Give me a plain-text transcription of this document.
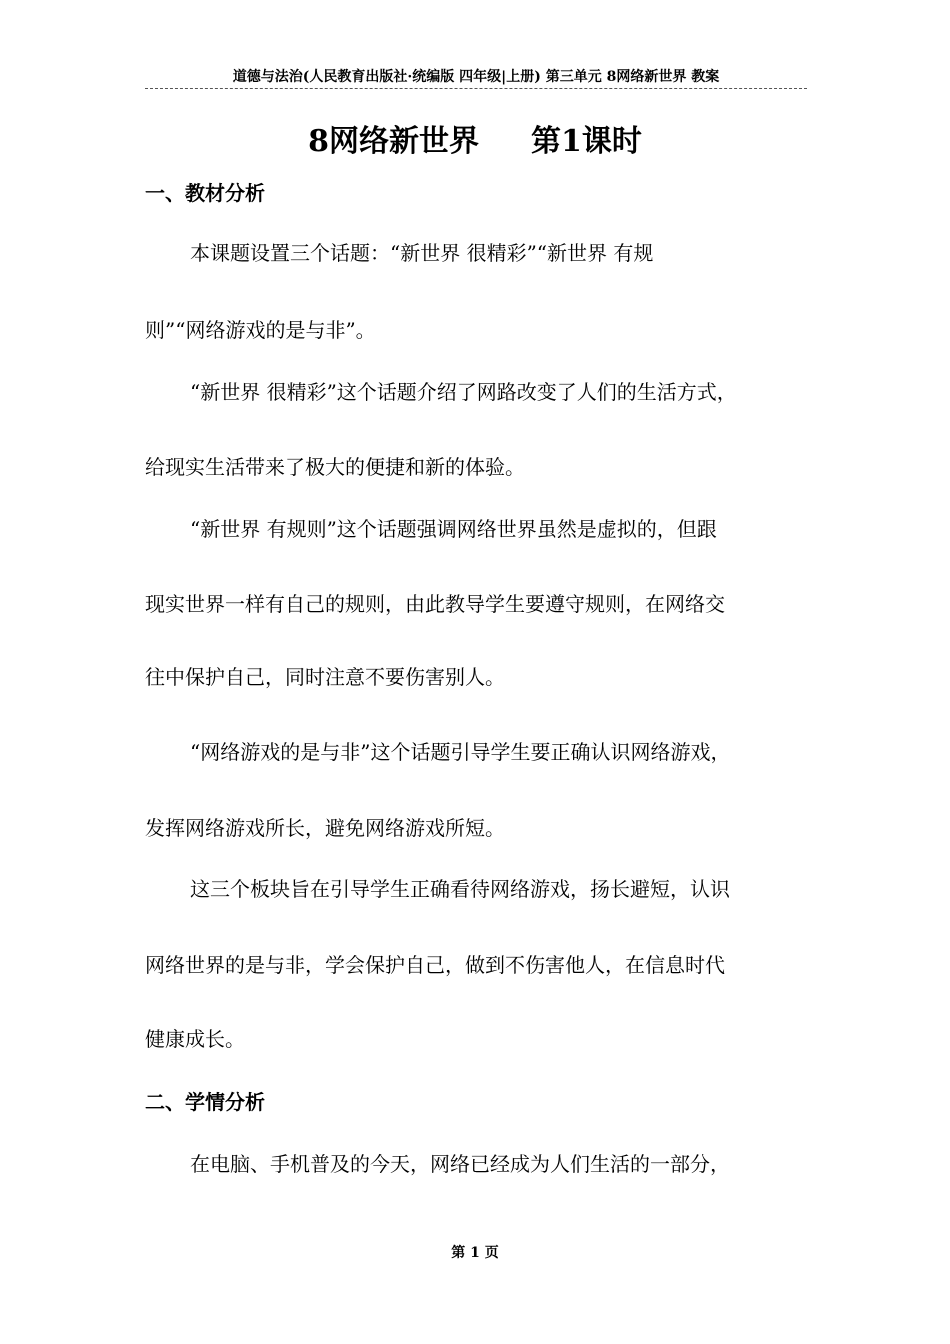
道德与法治(人民教育出版社·统编版 四年级|上册) 第三单元 8网络新世界 教案
8网络新世界 第1课时
一、教材分析
本课题设置三个话题：“新世界 很精彩”“新世界 有规
则”“网络游戏的是与非”。
“新世界 很精彩”这个话题介绍了网路改变了人们的生活方式，
给现实生活带来了极大的便捷和新的体验。
“新世界 有规则”这个话题强调网络世界虽然是虚拟的，但跟
现实世界一样有自己的规则，由此教导学生要遵守规则，在网络交
往中保护自己，同时注意不要伤害别人。
“网络游戏的是与非”这个话题引导学生要正确认识网络游戏，
发挥网络游戏所长，避免网络游戏所短。
这三个板块旨在引导学生正确看待网络游戏，扬长避短，认识
网络世界的是与非，学会保护自己，做到不伤害他人，在信息时代
健康成长。
二、学情分析
在电脑、手机普及的今天，网络已经成为人们生活的一部分，
第 1 页
